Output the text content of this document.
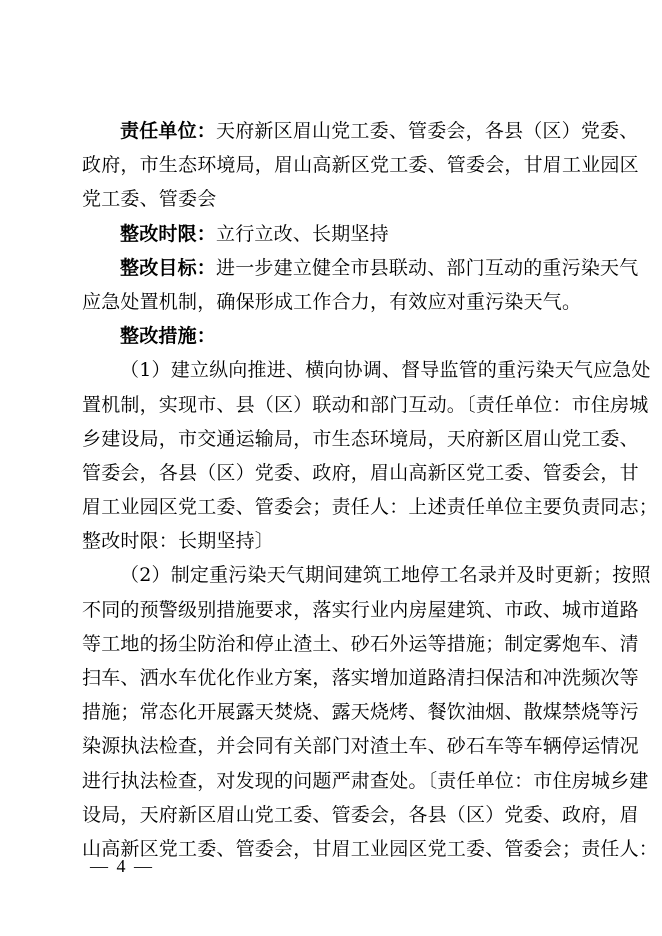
责任单位：天府新区眉山党工委、管委会，各县（区）党委、
政府，市生态环境局，眉山高新区党工委、管委会，甘眉工业园区
党工委、管委会
整改时限：立行立改、长期坚持
整改目标：进一步建立健全市县联动、部门互动的重污染天气
应急处置机制，确保形成工作合力，有效应对重污染天气。
整改措施：
（1）建立纵向推进、横向协调、督导监管的重污染天气应急处
置机制，实现市、县（区）联动和部门互动。〔责任单位：市住房城
乡建设局，市交通运输局，市生态环境局，天府新区眉山党工委、
管委会，各县（区）党委、政府，眉山高新区党工委、管委会，甘
眉工业园区党工委、管委会；责任人：上述责任单位主要负责同志；
整改时限：长期坚持〕
（2）制定重污染天气期间建筑工地停工名录并及时更新；按照
不同的预警级别措施要求，落实行业内房屋建筑、市政、城市道路
等工地的扬尘防治和停止渣土、砂石外运等措施；制定雾炮车、清
扫车、洒水车优化作业方案，落实增加道路清扫保洁和冲洗频次等
措施；常态化开展露天焚烧、露天烧烤、餐饮油烟、散煤禁烧等污
染源执法检查，并会同有关部门对渣土车、砂石车等车辆停运情况
进行执法检查，对发现的问题严肃查处。〔责任单位：市住房城乡建
设局，天府新区眉山党工委、管委会，各县（区）党委、政府，眉
山高新区党工委、管委会，甘眉工业园区党工委、管委会；责任人：
— 4 —
